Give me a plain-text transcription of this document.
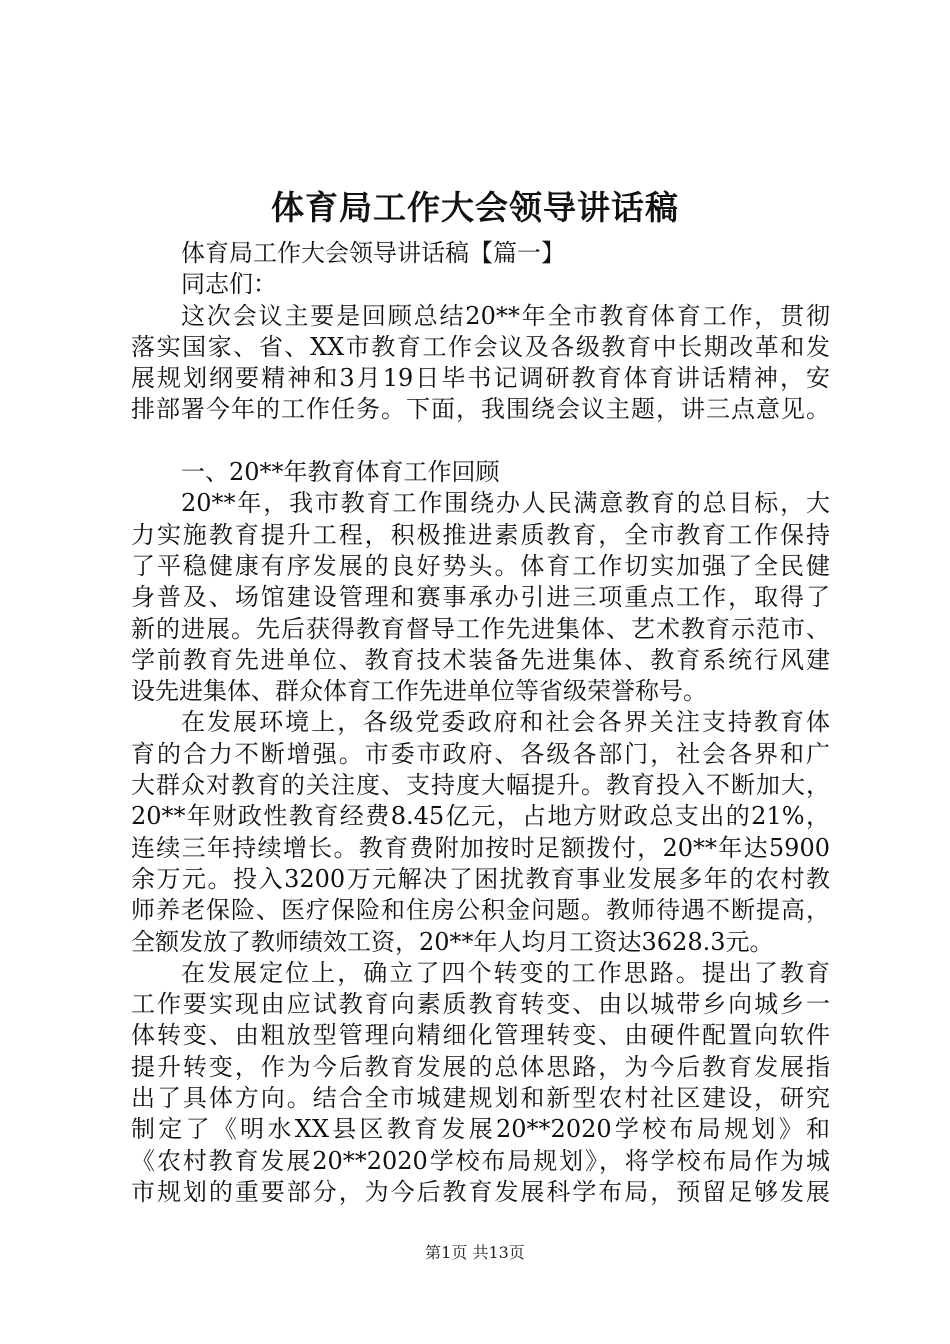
体育局工作大会领导讲话稿
体育局工作大会领导讲话稿【篇一】
同志们：
这次会议主要是回顾总结20**年全市教育体育工作，贯彻
落实国家、省、XX市教育工作会议及各级教育中长期改革和发
展规划纲要精神和3月19日毕书记调研教育体育讲话精神，安
排部署今年的工作任务。下面，我围绕会议主题，讲三点意见。
一、20**年教育体育工作回顾
20**年，我市教育工作围绕办人民满意教育的总目标，大
力实施教育提升工程，积极推进素质教育，全市教育工作保持
了平稳健康有序发展的良好势头。体育工作切实加强了全民健
身普及、场馆建设管理和赛事承办引进三项重点工作，取得了
新的进展。先后获得教育督导工作先进集体、艺术教育示范市、
学前教育先进单位、教育技术装备先进集体、教育系统行风建
设先进集体、群众体育工作先进单位等省级荣誉称号。
在发展环境上，各级党委政府和社会各界关注支持教育体
育的合力不断增强。市委市政府、各级各部门，社会各界和广
大群众对教育的关注度、支持度大幅提升。教育投入不断加大，
20**年财政性教育经费8.45亿元，占地方财政总支出的21%，
连续三年持续增长。教育费附加按时足额拨付，20**年达5900
余万元。投入3200万元解决了困扰教育事业发展多年的农村教
师养老保险、医疗保险和住房公积金问题。教师待遇不断提高，
全额发放了教师绩效工资，20**年人均月工资达3628.3元。
在发展定位上，确立了四个转变的工作思路。提出了教育
工作要实现由应试教育向素质教育转变、由以城带乡向城乡一
体转变、由粗放型管理向精细化管理转变、由硬件配置向软件
提升转变，作为今后教育发展的总体思路，为今后教育发展指
出了具体方向。结合全市城建规划和新型农村社区建设，研究
制定了《明水XX县区教育发展20**2020学校布局规划》和
《农村教育发展20**2020学校布局规划》，将学校布局作为城
市规划的重要部分，为今后教育发展科学布局，预留足够发展
第1页 共13页
